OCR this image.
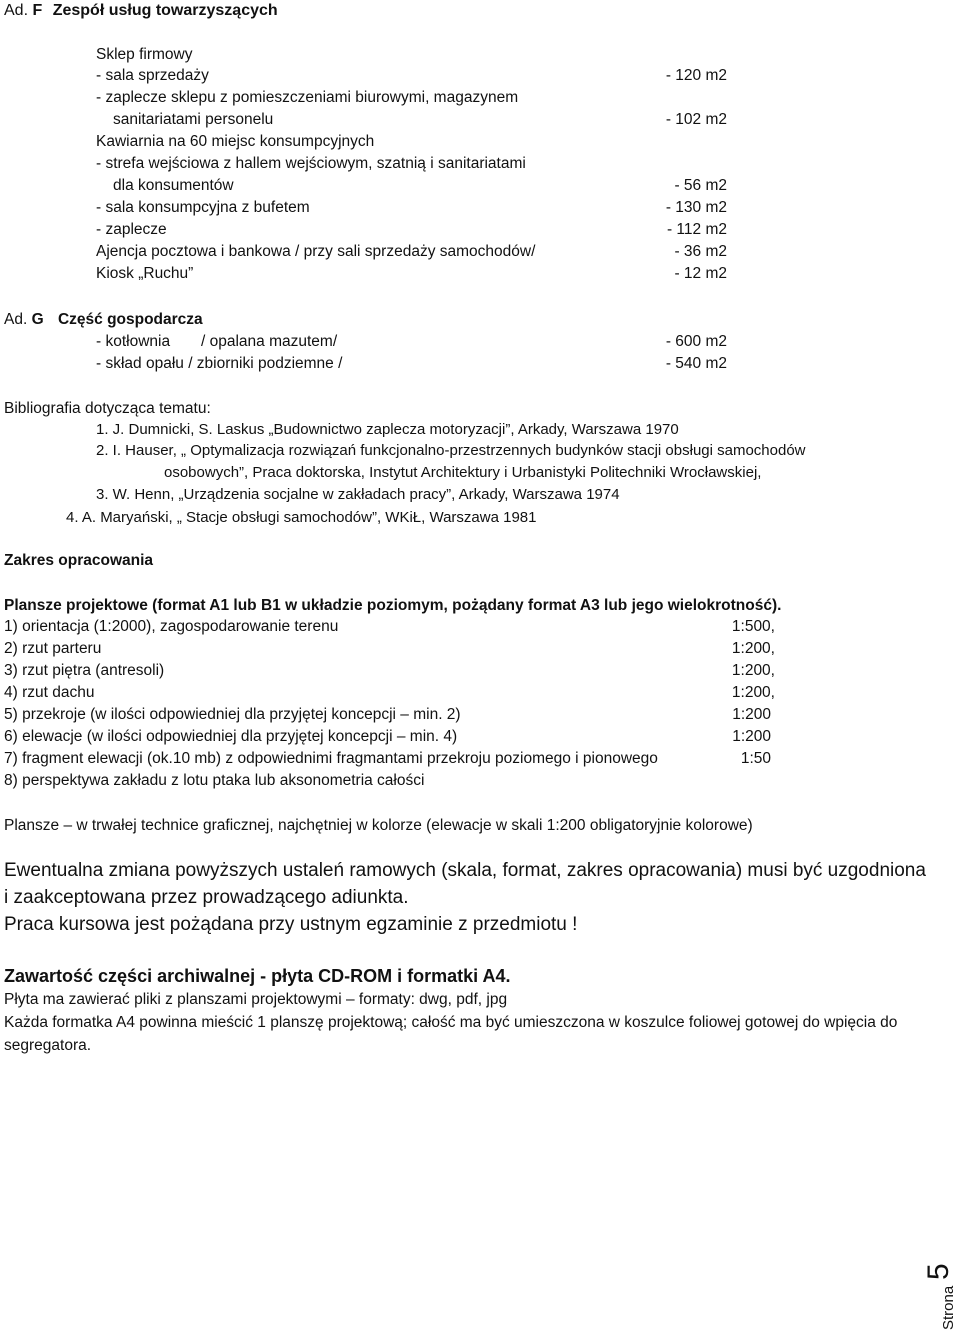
Ad. F Zespół usług towarzyszących
Sklep firmowy
- sala sprzedaży	- 120 m2
- zaplecze sklepu z pomieszczeniami biurowymi, magazynem
sanitariatami personelu	- 102 m2
Kawiarnia na 60 miejsc konsumpcyjnych
- strefa wejściowa z hallem wejściowym, szatnią i sanitariatami
dla konsumentów	- 56 m2
- sala konsumpcyjna z bufetem	- 130 m2
- zaplecze	- 112 m2
Ajencja pocztowa i bankowa / przy sali sprzedaży samochodów/	- 36 m2
Kiosk „Ruchu”	- 12 m2
Ad. G Część gospodarcza
- kotłownia / opalana mazutem/	- 600 m2
- skład opału / zbiorniki podziemne /	- 540 m2
Bibliografia dotycząca tematu:
1. J. Dumnicki, S. Laskus „Budownictwo zaplecza motoryzacji”, Arkady, Warszawa 1970
2. I. Hauser, „ Optymalizacja rozwiązań funkcjonalno-przestrzennych budynków stacji obsługi samochodów
osobowych”, Praca doktorska, Instytut Architektury i Urbanistyki Politechniki Wrocławskiej,
3. W. Henn, „Urządzenia socjalne w zakładach pracy”, Arkady, Warszawa 1974
4. A. Maryański, „ Stacje obsługi samochodów”, WKiŁ, Warszawa 1981
Zakres opracowania
Plansze projektowe (format A1 lub B1 w układzie poziomym, pożądany format A3 lub jego wielokrotność).
1) orientacja (1:2000), zagospodarowanie terenu	1:500,
2) rzut parteru	1:200,
3) rzut piętra (antresoli)	1:200,
4) rzut dachu	1:200,
5) przekroje (w ilości odpowiedniej dla przyjętej koncepcji – min. 2)	1:200
6) elewacje (w ilości odpowiedniej dla przyjętej koncepcji – min. 4)	1:200
7) fragment elewacji (ok.10 mb) z odpowiednimi fragmantami przekroju poziomego i pionowego	1:50
8) perspektywa zakładu z lotu ptaka lub aksonometria całości
Plansze – w trwałej technice graficznej, najchętniej w kolorze (elewacje w skali 1:200 obligatoryjnie kolorowe)
Ewentualna zmiana powyższych ustaleń ramowych (skala, format, zakres opracowania) musi być uzgodniona
i zaakceptowana przez prowadzącego adiunkta.
Praca kursowa jest pożądana przy ustnym egzaminie z przedmiotu !
Zawartość części archiwalnej - płyta CD-ROM i formatki A4.
Płyta ma zawierać pliki z planszami projektowymi – formaty: dwg, pdf, jpg
Każda formatka A4 powinna mieścić 1 planszę projektową; całość ma być umieszczona w koszulce foliowej gotowej do wpięcia do
segregatora.
Strona
5
